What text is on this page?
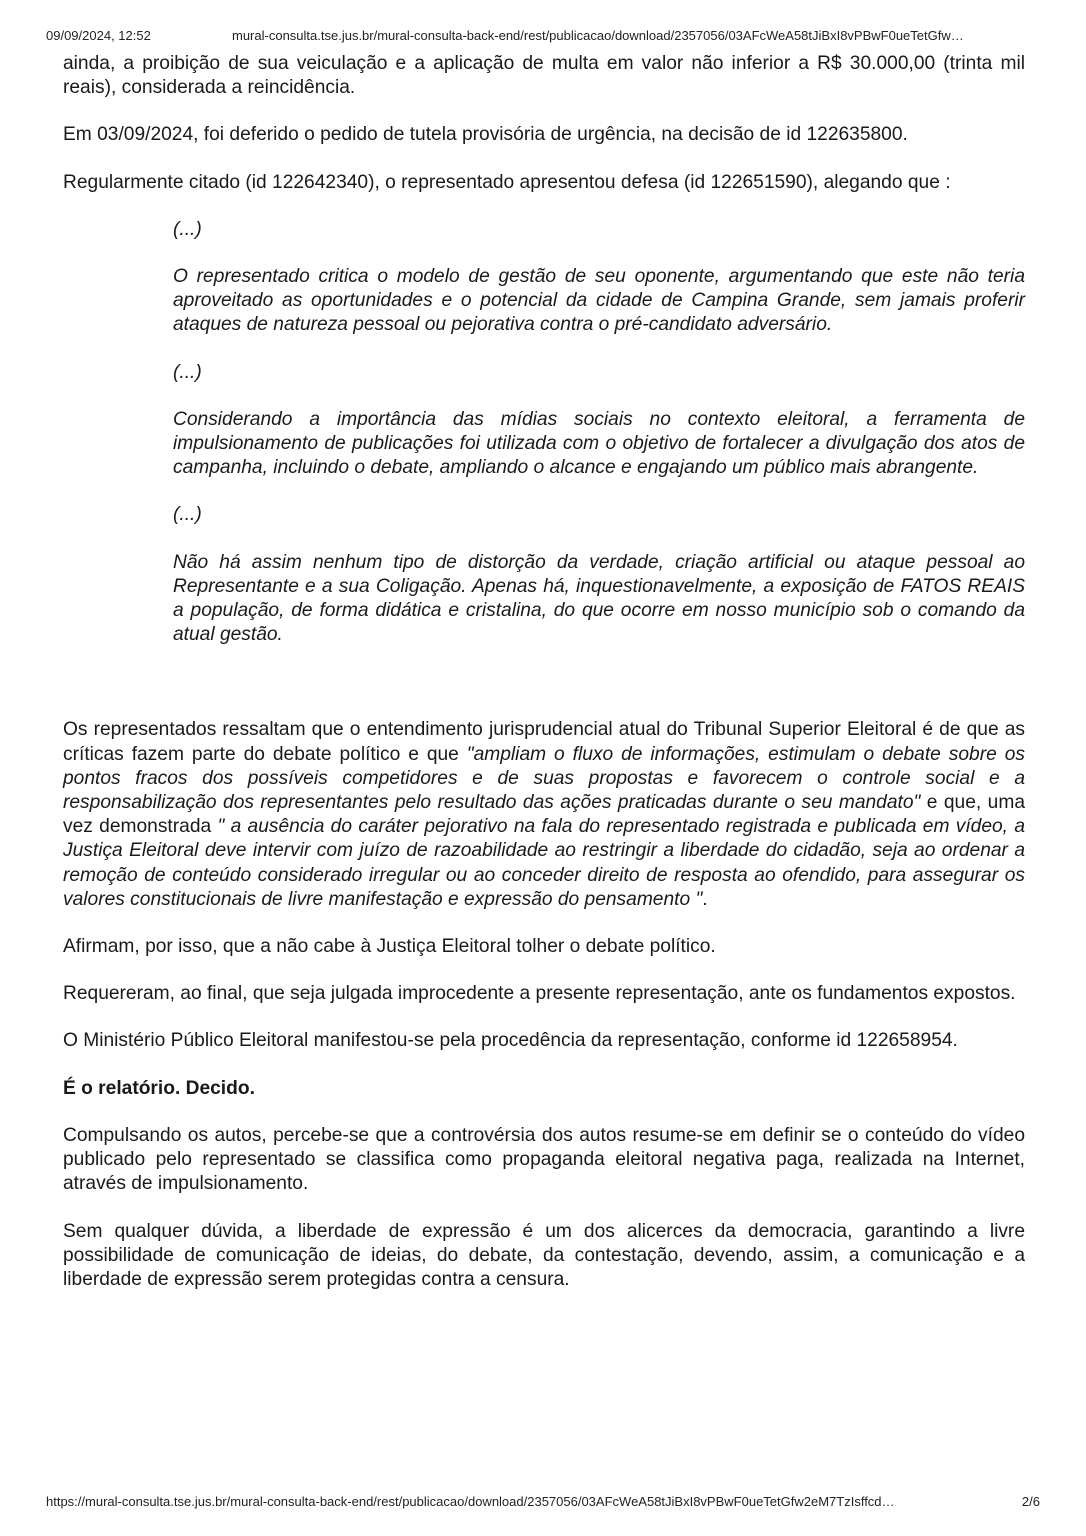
09/09/2024, 12:52	mural-consulta.tse.jus.br/mural-consulta-back-end/rest/publicacao/download/2357056/03AFcWeA58tJiBxI8vPBwF0ueTetGfw…

ainda, a proibição de sua veiculação e a aplicação de multa em valor não inferior a R$ 30.000,00 (trinta mil reais), considerada a reincidência.

Em 03/09/2024, foi deferido o pedido de tutela provisória de urgência, na decisão de id 122635800.

Regularmente citado (id 122642340), o representado apresentou defesa (id 122651590), alegando que :

(...)

O representado critica o modelo de gestão de seu oponente, argumentando que este não teria aproveitado as oportunidades e o potencial da cidade de Campina Grande, sem jamais proferir ataques de natureza pessoal ou pejorativa contra o pré-candidato adversário.

(...)

Considerando a importância das mídias sociais no contexto eleitoral, a ferramenta de impulsionamento de publicações foi utilizada com o objetivo de fortalecer a divulgação dos atos de campanha, incluindo o debate, ampliando o alcance e engajando um público mais abrangente.

(...)

Não há assim nenhum tipo de distorção da verdade, criação artificial ou ataque pessoal ao Representante e a sua Coligação. Apenas há, inquestionavelmente, a exposição de FATOS REAIS a população, de forma didática e cristalina, do que ocorre em nosso município sob o comando da atual gestão.

Os representados ressaltam que o entendimento jurisprudencial atual do Tribunal Superior Eleitoral é de que as críticas fazem parte do debate político e que "ampliam o fluxo de informações, estimulam o debate sobre os pontos fracos dos possíveis competidores e de suas propostas e favorecem o controle social e a responsabilização dos representantes pelo resultado das ações praticadas durante o seu mandato" e que, uma vez demonstrada " a ausência do caráter pejorativo na fala do representado registrada e publicada em vídeo, a Justiça Eleitoral deve intervir com juízo de razoabilidade ao restringir a liberdade do cidadão, seja ao ordenar a remoção de conteúdo considerado irregular ou ao conceder direito de resposta ao ofendido, para assegurar os valores constitucionais de livre manifestação e expressão do pensamento ".

Afirmam, por isso, que a não cabe à Justiça Eleitoral tolher o debate político.

Requereram, ao final, que seja julgada improcedente a presente representação, ante os fundamentos expostos.

O Ministério Público Eleitoral manifestou-se pela procedência da representação, conforme id 122658954.

É o relatório. Decido.

Compulsando os autos, percebe-se que a controvérsia dos autos resume-se em definir se o conteúdo do vídeo publicado pelo representado se classifica como propaganda eleitoral negativa paga, realizada na Internet, através de impulsionamento.

Sem qualquer dúvida, a liberdade de expressão é um dos alicerces da democracia, garantindo a livre possibilidade de comunicação de ideias, do debate, da contestação, devendo, assim, a comunicação e a liberdade de expressão serem protegidas contra a censura.

https://mural-consulta.tse.jus.br/mural-consulta-back-end/rest/publicacao/download/2357056/03AFcWeA58tJiBxI8vPBwF0ueTetGfw2eM7TzIsffcd…	2/6
